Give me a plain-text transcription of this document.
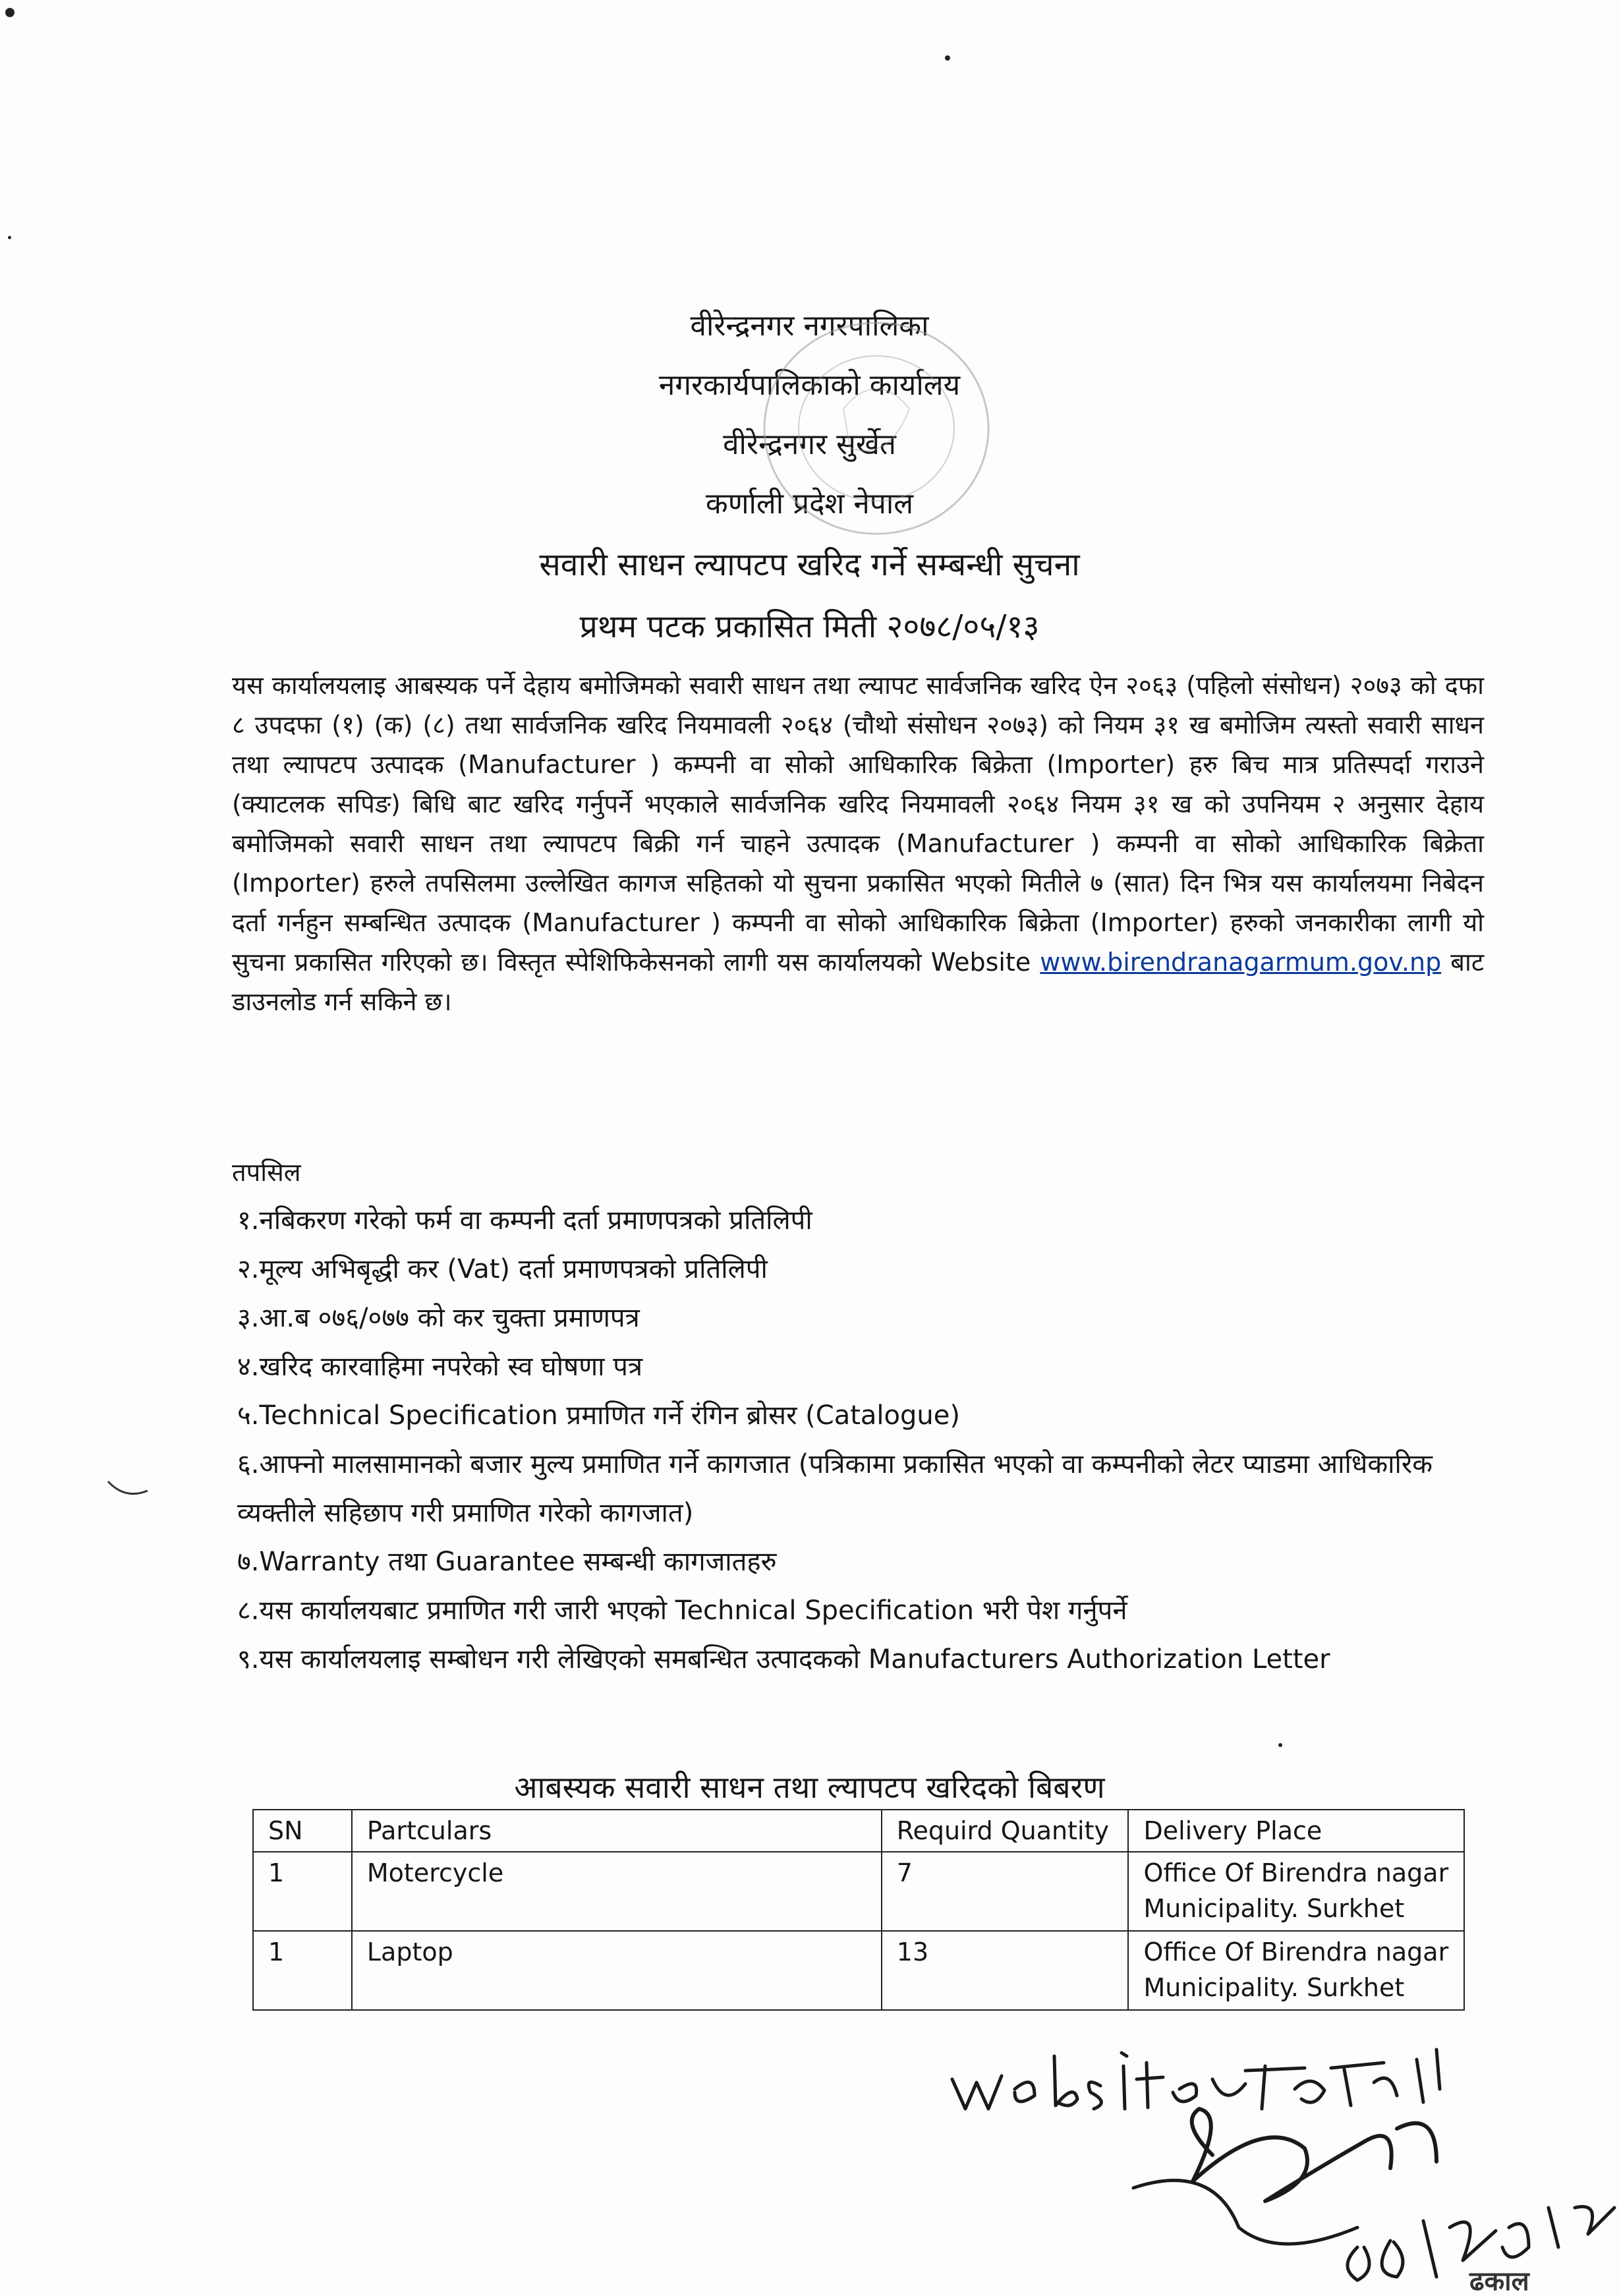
वीरेन्द्रनगर नगरपालिका
नगरकार्यपालिकाको कार्यालय
वीरेन्द्रनगर सुर्खेत
कर्णाली प्रदेश नेपाल
सवारी साधन ल्यापटप खरिद गर्ने सम्बन्धी सुचना
प्रथम पटक प्रकासित मिती २०७८/०५/१३
यस कार्यालयलाइ आबस्यक पर्ने देहाय बमोजिमको सवारी साधन तथा ल्यापट सार्वजनिक खरिद ऐन २०६३ (पहिलो संसोधन) २०७३ को दफा ८ उपदफा (१) (क) (८) तथा सार्वजनिक खरिद नियमावली २०६४ (चौथो संसोधन २०७३) को नियम ३१ ख बमोजिम त्यस्तो सवारी साधन तथा ल्यापटप उत्पादक (Manufacturer ) कम्पनी वा सोको आधिकारिक बिक्रेता (Importer) हरु बिच मात्र प्रतिस्पर्दा गराउने (क्याटलक सपिङ) बिधि बाट खरिद गर्नुपर्ने भएकाले सार्वजनिक खरिद नियमावली २०६४ नियम ३१ ख को उपनियम २ अनुसार देहाय बमोजिमको सवारी साधन तथा ल्यापटप बिक्री गर्न चाहने उत्पादक (Manufacturer ) कम्पनी वा सोको आधिकारिक बिक्रेता (Importer) हरुले तपसिलमा उल्लेखित कागज सहितको यो सुचना प्रकासित भएको मितीले ७ (सात) दिन भित्र यस कार्यालयमा निबेदन दर्ता गर्नहुन सम्बन्धित उत्पादक (Manufacturer ) कम्पनी वा सोको आधिकारिक बिक्रेता (Importer) हरुको जनकारीका लागी यो सुचना प्रकासित गरिएको छ। विस्तृत स्पेशिफिकेसनको लागी यस कार्यालयको Website www.birendranagarmum.gov.np बाट डाउनलोड गर्न सकिने छ।
तपसिल
१.नबिकरण गरेको फर्म वा कम्पनी दर्ता प्रमाणपत्रको प्रतिलिपी
२.मूल्य अभिबृद्धी कर (Vat) दर्ता प्रमाणपत्रको प्रतिलिपी
३.आ.ब ०७६/०७७ को कर चुक्ता प्रमाणपत्र
४.खरिद कारवाहिमा नपरेको स्व घोषणा पत्र
५.Technical Specification प्रमाणित गर्ने रंगिन ब्रोसर (Catalogue)
६.आफ्नो मालसामानको बजार मुल्य प्रमाणित गर्ने कागजात (पत्रिकामा प्रकासित भएको वा कम्पनीको लेटर प्याडमा आधिकारिक व्यक्तीले सहिछाप गरी प्रमाणित गरेको कागजात)
७.Warranty तथा Guarantee सम्बन्धी कागजातहरु
८.यस कार्यालयबाट प्रमाणित गरी जारी भएको Technical Specification भरी पेश गर्नुपर्ने
९.यस कार्यालयलाइ सम्बोधन गरी लेखिएको समबन्धित उत्पादकको Manufacturers Authorization Letter
आबस्यक सवारी साधन तथा ल्यापटप खरिदको बिबरण
SN	Partculars	Requird Quantity	Delivery Place
1	Motercycle	7	Office Of Birendra nagar Municipality. Surkhet
1	Laptop	13	Office Of Birendra nagar Municipality. Surkhet
ढकाल
